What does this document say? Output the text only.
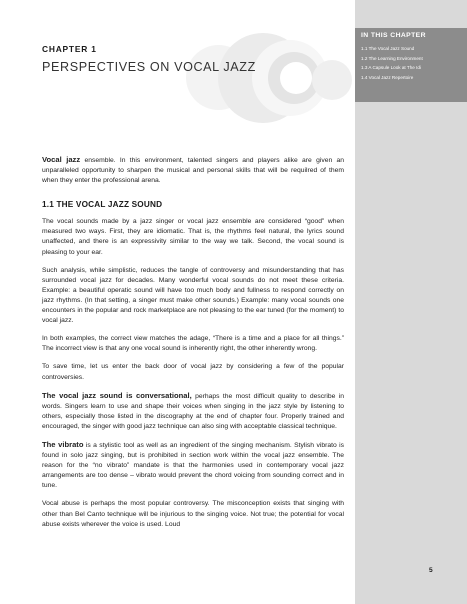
IN THIS CHAPTER
1.1 The Vocal Jazz Sound
1.2 The Learning Environment
1.3 A Capsule Look at The Idi
1.4 Vocal Jazz Repertoire
CHAPTER 1
PERSPECTIVES ON VOCAL JAZZ

Vocal jazz ensemble. In this environment, talented singers and players alike are given an unparalleled opportunity to sharpen the musical and personal skills that will be requilred of them when they enter the professional arena.

1.1 THE VOCAL JAZZ SOUND

The vocal sounds made by a jazz singer or vocal jazz ensemble are considered “good” when measured two ways. First, they are idiomatic. That is, the rhythms feel natural, the lyrics sound unaffected, and there is an expressivity similar to the way we talk. Second, the vocal sound is pleasing to your ear.

Such analysis, while simplistic, reduces the tangle of controversy and misunderstanding that has surrounded vocal jazz for decades. Many wonderful vocal sounds do not meet these criteria. Example: a beautiful operatic sound will have too much body and fullness to respond correctly on jazz rhythms. (In that setting, a singer must make other sounds.) Example: many vocal sounds one encounters in the popular and rock marketplace are not pleasing to the ear tuned (for the moment) to vocal jazz.

In both examples, the correct view matches the adage, “There is a time and a place for all things.” The incorrect view is that any one vocal sound is inherently right, the other inherently wrong.

To save time, let us enter the back door of vocal jazz by considering a few of the popular controversies.

The vocal jazz sound is conversational, perhaps the most difficult quality to describe in words. Singers learn to use and shape their voices when singing in the jazz style by listening to others, especially those listed in the discography at the end of chapter four. Properly trained and encouraged, the singer with good jazz technique can also sing with acceptable classical technique.

The vibrato is a stylistic tool as well as an ingredient of the singing mechanism. Stylish vibrato is found in solo jazz singing, but is prohibited in section work within the vocal jazz ensemble. The reason for the “no vibrato” mandate is that the harmonies used in contemporary vocal jazz arrangements are too dense – vibrato would prevent the chord voicing from sounding correct and in tune.

Vocal abuse is perhaps the most popular controversy. The misconception exists that singing with other than Bel Canto technique will be injurious to the singing voice. Not true; the potential for vocal abuse exists wherever the voice is used. Loud

5
